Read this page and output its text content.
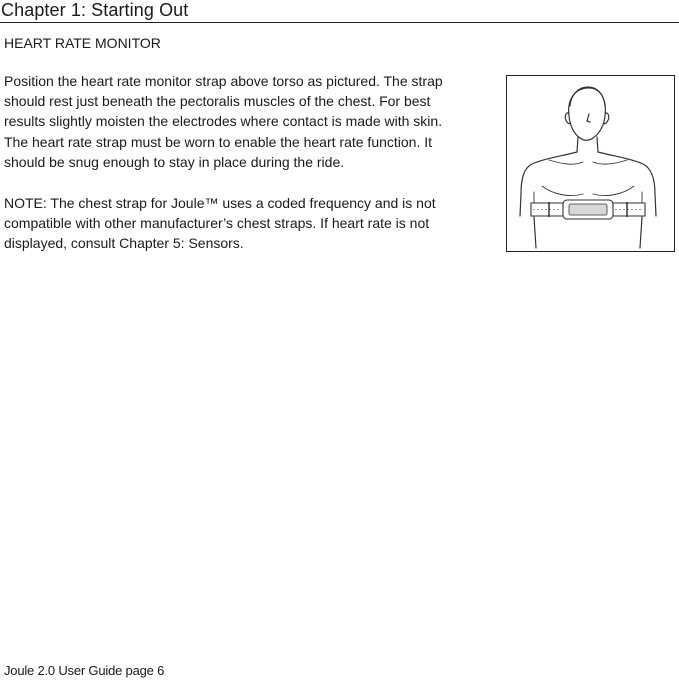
Chapter 1: Starting Out
HEART RATE MONITOR

Position the heart rate monitor strap above torso as pictured. The strap
should rest just beneath the pectoralis muscles of the chest. For best
results slightly moisten the electrodes where contact is made with skin.
The heart rate strap must be worn to enable the heart rate function. It
should be snug enough to stay in place during the ride.

NOTE: The chest strap for Joule™ uses a coded frequency and is not
compatible with other manufacturer’s chest straps. If heart rate is not
displayed, consult Chapter 5: Sensors.

Joule 2.0 User Guide page 6
